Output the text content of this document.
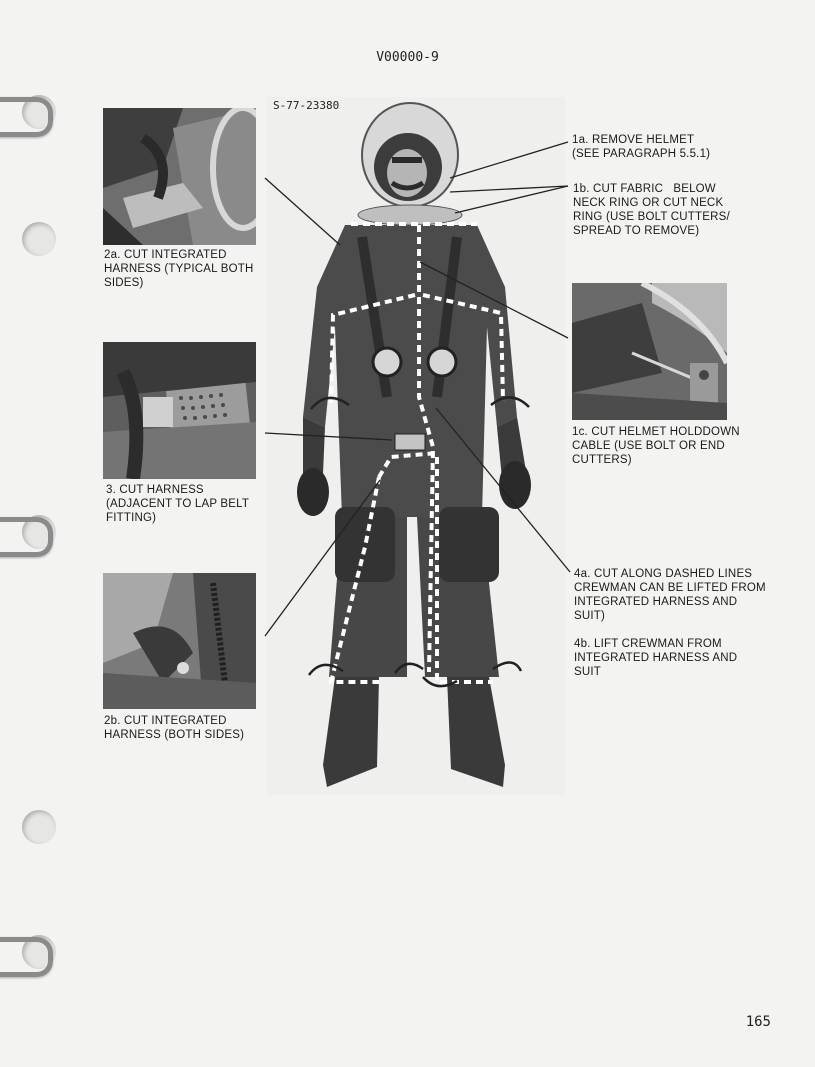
V00000-9
2a. CUT INTEGRATED
HARNESS (TYPICAL BOTH
SIDES)
3. CUT HARNESS
(ADJACENT TO LAP BELT
FITTING)
2b. CUT INTEGRATED
HARNESS (BOTH SIDES)
S-77-23380
1a. REMOVE HELMET
(SEE PARAGRAPH 5.5.1)
1b. CUT FABRIC   BELOW
NECK RING OR CUT NECK
RING (USE BOLT CUTTERS/
SPREAD TO REMOVE)
1c. CUT HELMET HOLDDOWN
CABLE (USE BOLT OR END
CUTTERS)
4a. CUT ALONG DASHED LINES
CREWMAN CAN BE LIFTED FROM
INTEGRATED HARNESS AND
SUIT)
4b. LIFT CREWMAN FROM
INTEGRATED HARNESS AND
SUIT
165
